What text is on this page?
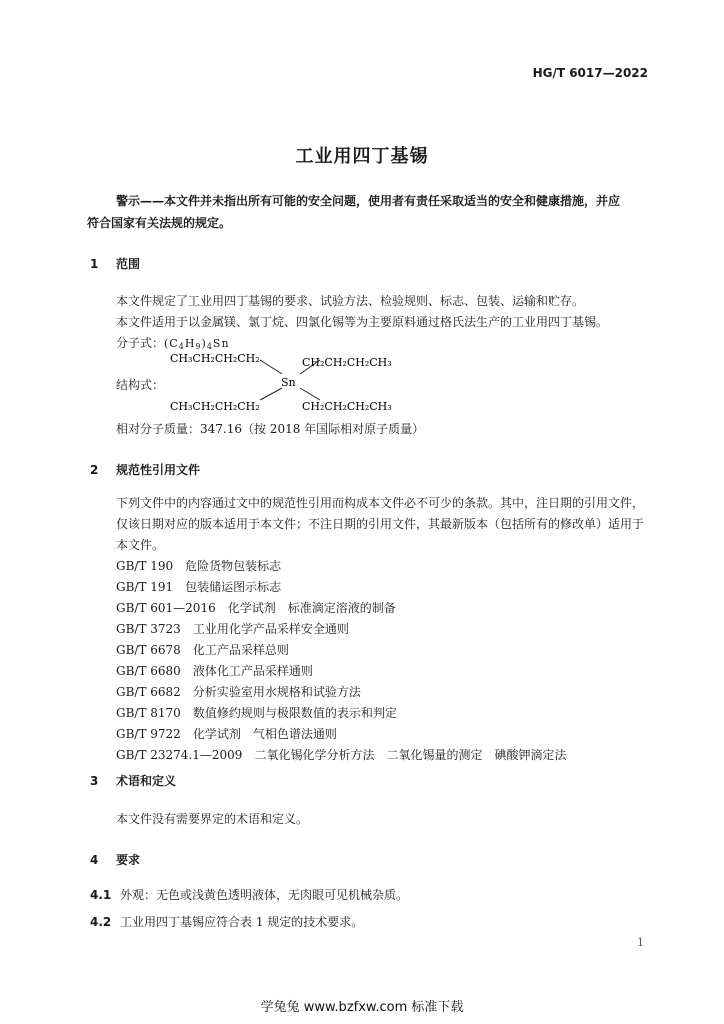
HG/T 6017—2022
工业用四丁基锡
警示——本文件并未指出所有可能的安全问题，使用者有责任采取适当的安全和健康措施，并应
符合国家有关法规的规定。
1 范围
本文件规定了工业用四丁基锡的要求、试验方法、检验规则、标志、包装、运输和贮存。
本文件适用于以金属镁、氯丁烷、四氯化锡等为主要原料通过格氏法生产的工业用四丁基锡。
分子式：$(C_4H_9)_4Sn$
结构式：
CH₃CH₂CH₂CH₂	CH₂CH₂CH₂CH₃
Sn
CH₃CH₂CH₂CH₂	CH₂CH₂CH₂CH₃
相对分子质量：347.16（按 2018 年国际相对原子质量）
2 规范性引用文件
下列文件中的内容通过文中的规范性引用而构成本文件必不可少的条款。其中，注日期的引用文件，仅该日期对应的版本适用于本文件；不注日期的引用文件，其最新版本（包括所有的修改单）适用于本文件。
GB/T 190 危险货物包装标志
GB/T 191 包装储运图示标志
GB/T 601—2016 化学试剂　标准滴定溶液的制备
GB/T 3723 工业用化学产品采样安全通则
GB/T 6678 化工产品采样总则
GB/T 6680 液体化工产品采样通则
GB/T 6682 分析实验室用水规格和试验方法
GB/T 8170 数值修约规则与极限数值的表示和判定
GB/T 9722 化学试剂　气相色谱法通则
GB/T 23274.1—2009 二氧化锡化学分析方法　二氧化锡量的测定　碘酸钾滴定法
3 术语和定义
本文件没有需要界定的术语和定义。
4 要求
4.1 外观：无色或浅黄色透明液体，无肉眼可见机械杂质。
4.2 工业用四丁基锡应符合表 1 规定的技术要求。
1
学兔兔 www.bzfxw.com 标准下载
